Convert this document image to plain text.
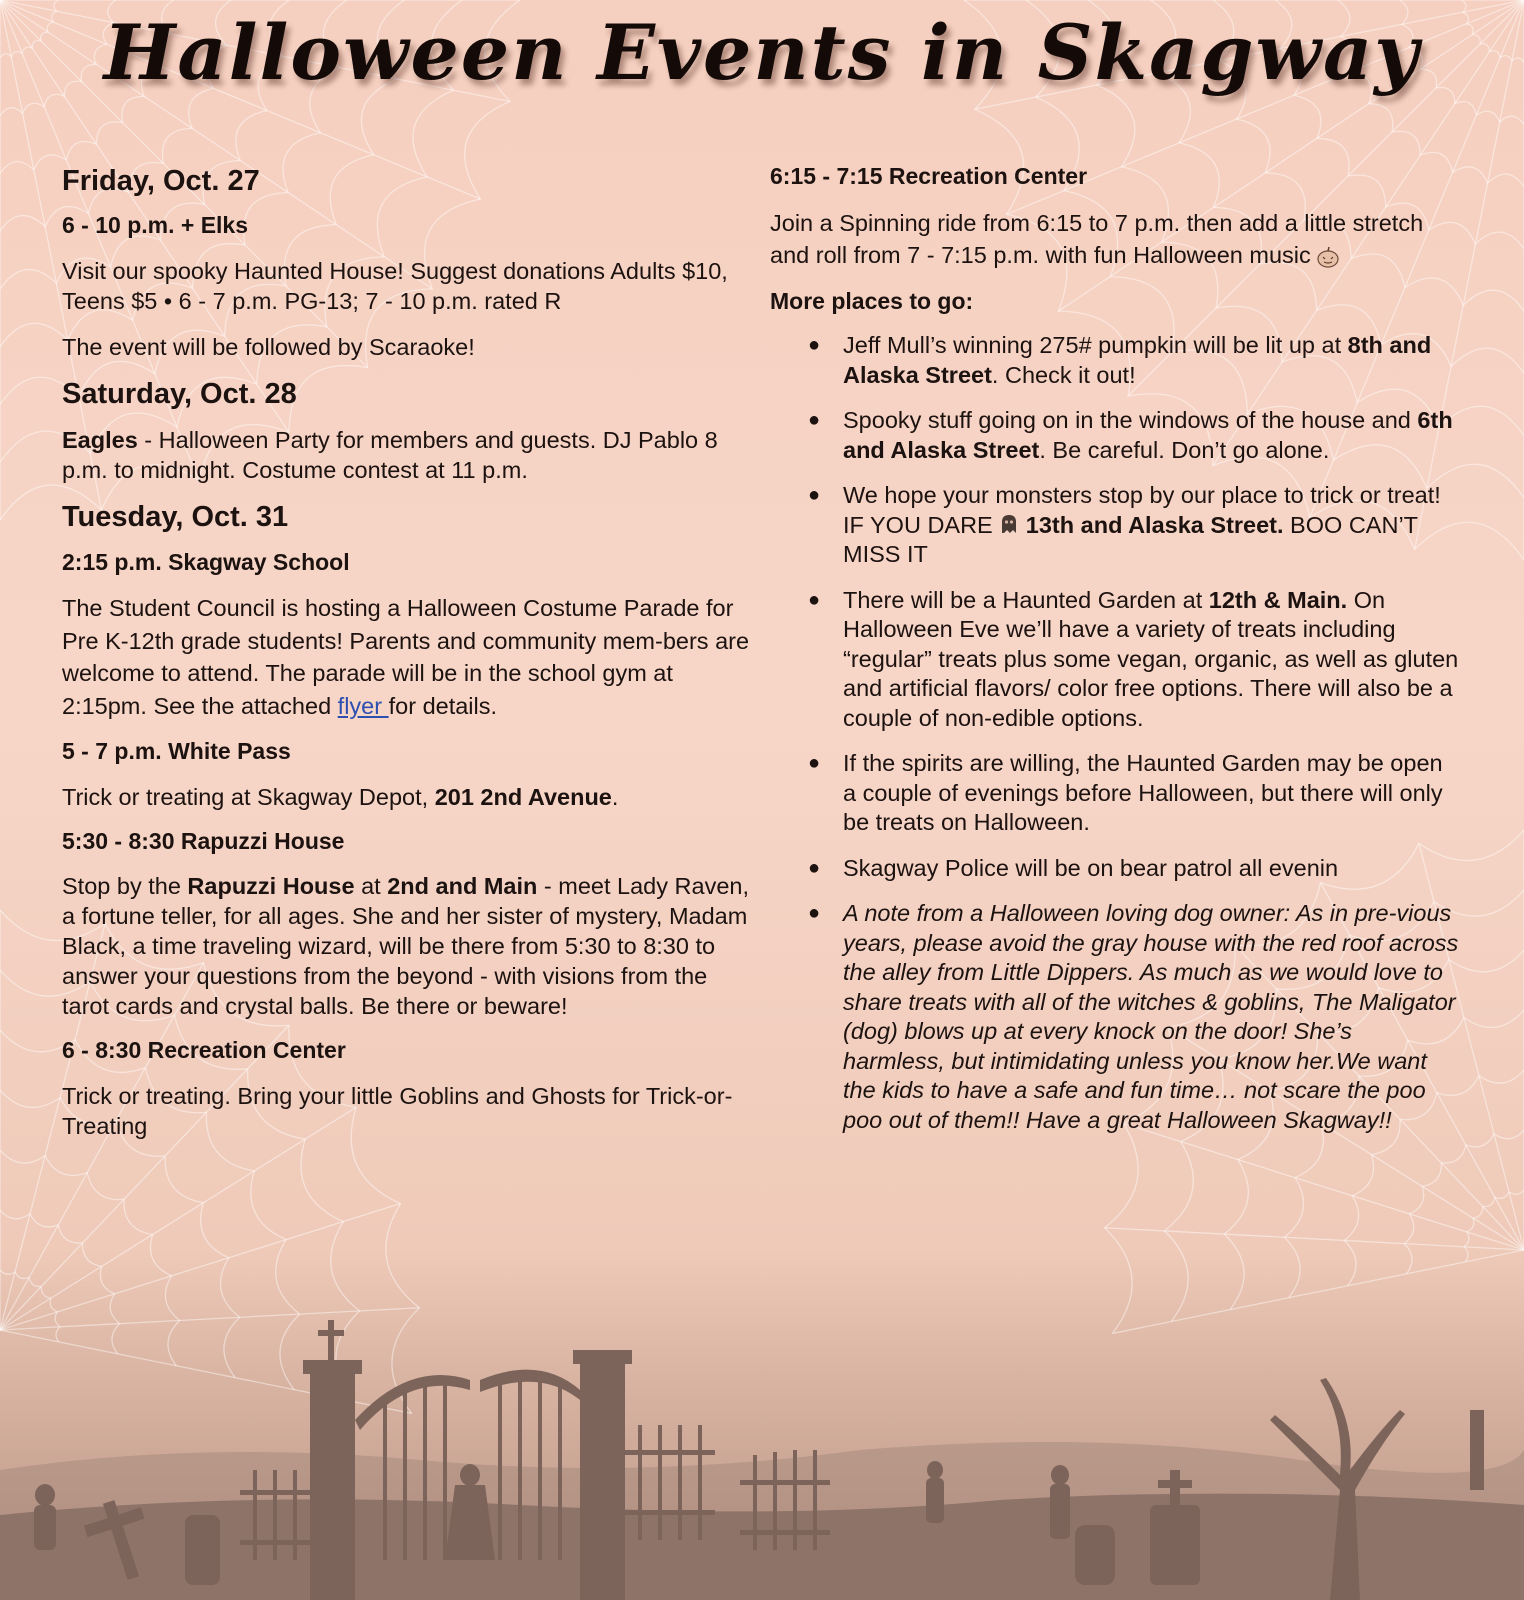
Halloween Events in Skagway
Friday, Oct. 27
6 - 10 p.m. + Elks
Visit our spooky Haunted House! Suggest donations Adults $10, Teens $5 • 6 - 7 p.m. PG-13; 7 - 10 p.m. rated R
The event will be followed by Scaraoke!
Saturday, Oct. 28
Eagles - Halloween Party for members and guests. DJ Pablo 8 p.m. to midnight. Costume contest at 11 p.m.
Tuesday, Oct. 31
2:15 p.m. Skagway School
The Student Council is hosting a Halloween Costume Parade for Pre K-12th grade students! Parents and community mem-bers are welcome to attend. The parade will be in the school gym at 2:15pm. See the attached flyer for details.
5 - 7 p.m. White Pass
Trick or treating at Skagway Depot, 201 2nd Avenue.
5:30 - 8:30 Rapuzzi House
Stop by the Rapuzzi House at 2nd and Main - meet Lady Raven, a fortune teller, for all ages. She and her sister of mystery, Madam Black, a time traveling wizard, will be there from 5:30 to 8:30 to answer your questions from the beyond - with visions from the tarot cards and crystal balls. Be there or beware!
6 - 8:30 Recreation Center
Trick or treating. Bring your little Goblins and Ghosts for Trick-or-Treating
6:15 - 7:15 Recreation Center
Join a Spinning ride from 6:15 to 7 p.m. then add a little stretch and roll from 7 - 7:15 p.m. with fun Halloween music
More places to go:
● Jeff Mull’s winning 275# pumpkin will be lit up at 8th and Alaska Street. Check it out!
● Spooky stuff going on in the windows of the house and 6th and Alaska Street. Be careful. Don’t go alone.
● We hope your monsters stop by our place to trick or treat! IF YOU DARE  13th and Alaska Street. BOO CAN’T MISS IT
● There will be a Haunted Garden at 12th & Main. On Halloween Eve we’ll have a variety of treats including “regular” treats plus some vegan, organic, as well as gluten and artificial flavors/ color free options. There will also be a couple of non-edible options.
● If the spirits are willing, the Haunted Garden may be open a couple of evenings before Halloween, but there will only be treats on Halloween.
● Skagway Police will be on bear patrol all evenin
● A note from a Halloween loving dog owner: As in pre-vious years, please avoid the gray house with the red roof across the alley from Little Dippers. As much as we would love to share treats with all of the witches & goblins, The Maligator (dog) blows up at every knock on the door! She’s harmless, but intimidating unless you know her.We want the kids to have a safe and fun time… not scare the poo poo out of them!! Have a great Halloween Skagway!!
